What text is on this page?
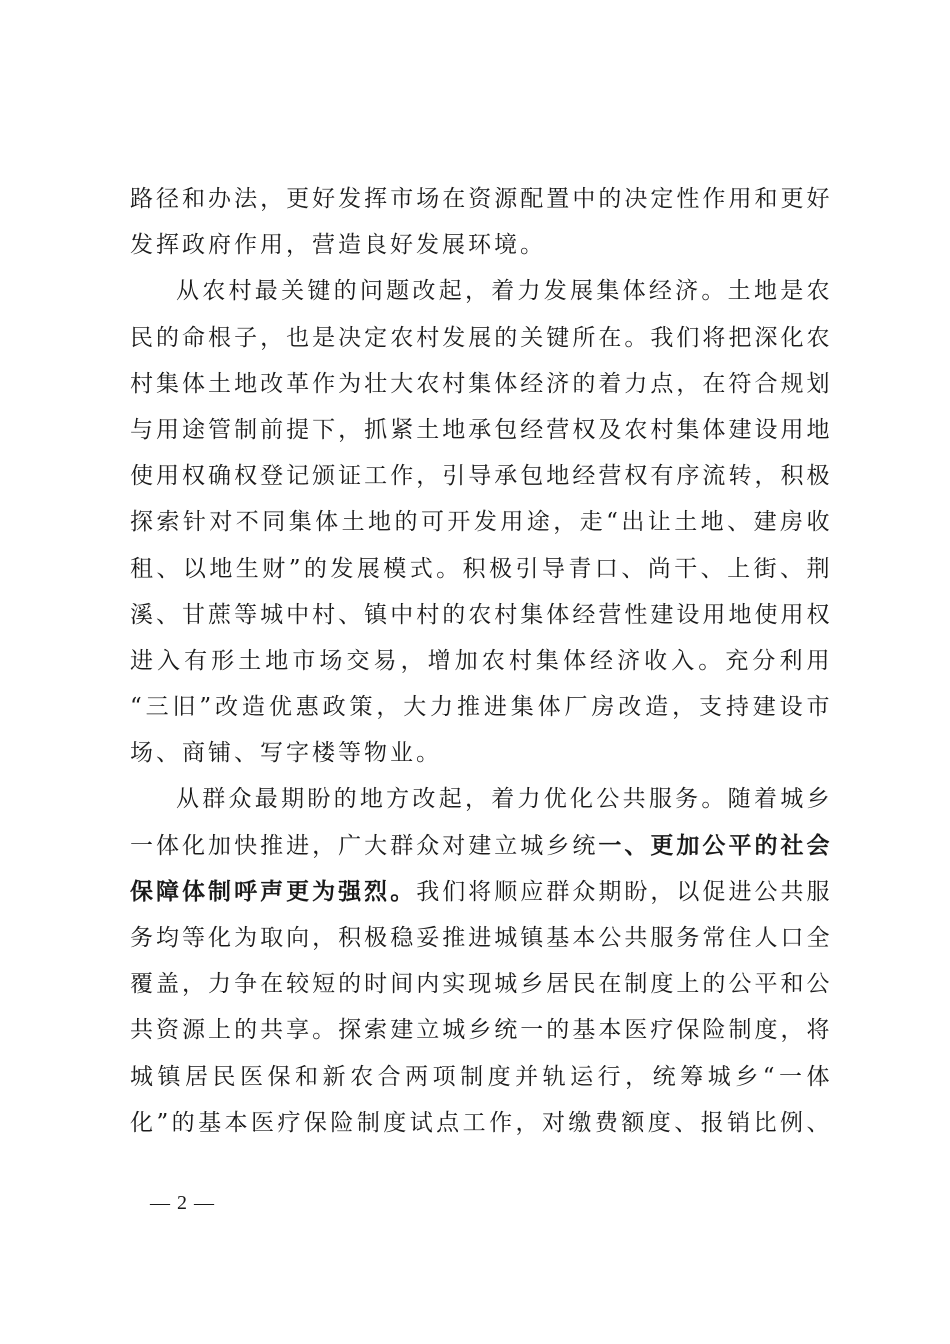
路径和办法，更好发挥市场在资源配置中的决定性作用和更好
发挥政府作用，营造良好发展环境。
从农村最关键的问题改起，着力发展集体经济。土地是农
民的命根子，也是决定农村发展的关键所在。我们将把深化农
村集体土地改革作为壮大农村集体经济的着力点，在符合规划
与用途管制前提下，抓紧土地承包经营权及农村集体建设用地
使用权确权登记颁证工作，引导承包地经营权有序流转，积极
探索针对不同集体土地的可开发用途，走“出让土地、建房收
租、以地生财”的发展模式。积极引导青口、尚干、上街、荆
溪、甘蔗等城中村、镇中村的农村集体经营性建设用地使用权
进入有形土地市场交易，增加农村集体经济收入。充分利用
“三旧”改造优惠政策，大力推进集体厂房改造，支持建设市
场、商铺、写字楼等物业。
从群众最期盼的地方改起，着力优化公共服务。随着城乡
一体化加快推进，广大群众对建立城乡统一、更加公平的社会
保障体制呼声更为强烈。我们将顺应群众期盼，以促进公共服
务均等化为取向，积极稳妥推进城镇基本公共服务常住人口全
覆盖，力争在较短的时间内实现城乡居民在制度上的公平和公
共资源上的共享。探索建立城乡统一的基本医疗保险制度，将
城镇居民医保和新农合两项制度并轨运行，统筹城乡“一体
化”的基本医疗保险制度试点工作，对缴费额度、报销比例、
— 2 —
